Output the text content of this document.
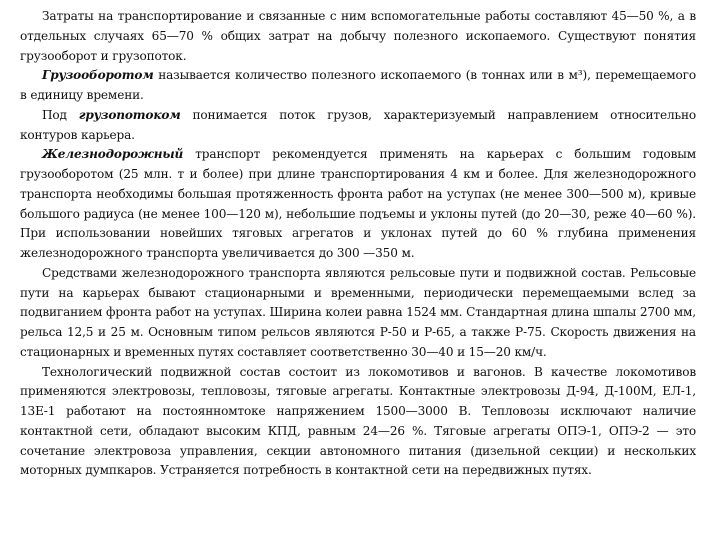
Затраты на транспортирование и связанные с ним вспомогательные работы составляют 45—50 %, а в отдельных случаях 65—70 % общих затрат на добычу полезного ископаемого. Существуют понятия грузооборот и грузопоток.

Грузооборотом называется количество полезного ископаемого (в тоннах или в м³), перемещаемого в единицу времени.

Под грузопотоком понимается поток грузов, характеризуемый направлением относительно контуров карьера.

Железнодорожный транспорт рекомендуется применять на карьерах с большим годовым грузооборотом (25 млн. т и более) при длине транспортирования 4 км и более. Для железнодорожного транспорта необходимы большая протяженность фронта работ на уступах (не менее 300—500 м), кривые большого радиуса (не менее 100—120 м), небольшие подъемы и уклоны путей (до 20—30, реже 40—60 %). При использовании новейших тяговых агрегатов и уклонах путей до 60 % глубина применения железнодорожного транспорта увеличивается до 300 —350 м.

Средствами железнодорожного транспорта являются рельсовые пути и подвижной состав. Рельсовые пути на карьерах бывают стационарными и временными, периодически перемещаемыми вслед за подвиганием фронта работ на уступах. Ширина колеи равна 1524 мм. Стандартная длина шпалы 2700 мм, рельса 12,5 и 25 м. Основным типом рельсов являются Р-50 и Р-65, а также Р-75. Скорость движения на стационарных и временных путях составляет соответственно 30—40 и 15—20 км/ч.

Технологический подвижной состав состоит из локомотивов и вагонов. В качестве локомотивов применяются электровозы, тепловозы, тяговые агрегаты. Контактные электровозы Д-94, Д-100М, ЕЛ-1, 13Е-1 работают на постоянномтоке напряжением 1500—3000 В. Тепловозы исключают наличие контактной сети, обладают высоким КПД, равным 24—26 %. Тяговые агрегаты ОПЭ-1, ОПЭ-2 — это сочетание электровоза управления, секции автономного питания (дизельной секции) и нескольких моторных думпкаров. Устраняется потребность в контактной сети на передвижных путях.
